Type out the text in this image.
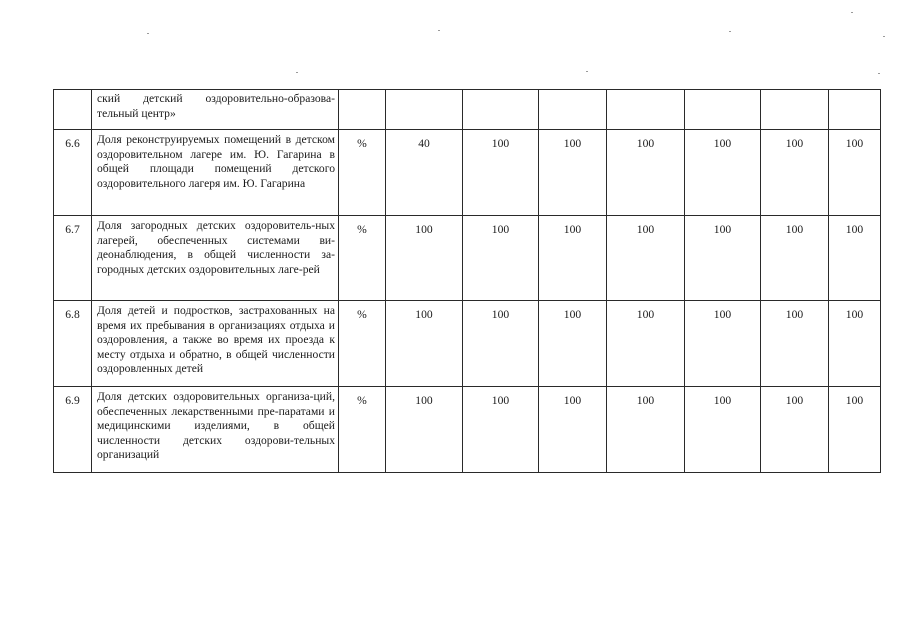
	ский детский оздоровительно-образова-тельный центр»								
6.6	Доля реконструируемых помещений в детском оздоровительном лагере им. Ю. Гагарина в общей площади помещений детского оздоровительного лагеря им. Ю. Гагарина	%	40	100	100	100	100	100	100
6.7	Доля загородных детских оздоровитель-ных лагерей, обеспеченных системами ви-деонаблюдения, в общей численности за-городных детских оздоровительных лаге-рей	%	100	100	100	100	100	100	100
6.8	Доля детей и подростков, застрахованных на время их пребывания в организациях отдыха и оздоровления, а также во время их проезда к месту отдыха и обратно, в общей численности оздоровленных детей	%	100	100	100	100	100	100	100
6.9	Доля детских оздоровительных организа-ций, обеспеченных лекарственными пре-паратами и медицинскими изделиями, в общей численности детских оздорови-тельных организаций	%	100	100	100	100	100	100	100
